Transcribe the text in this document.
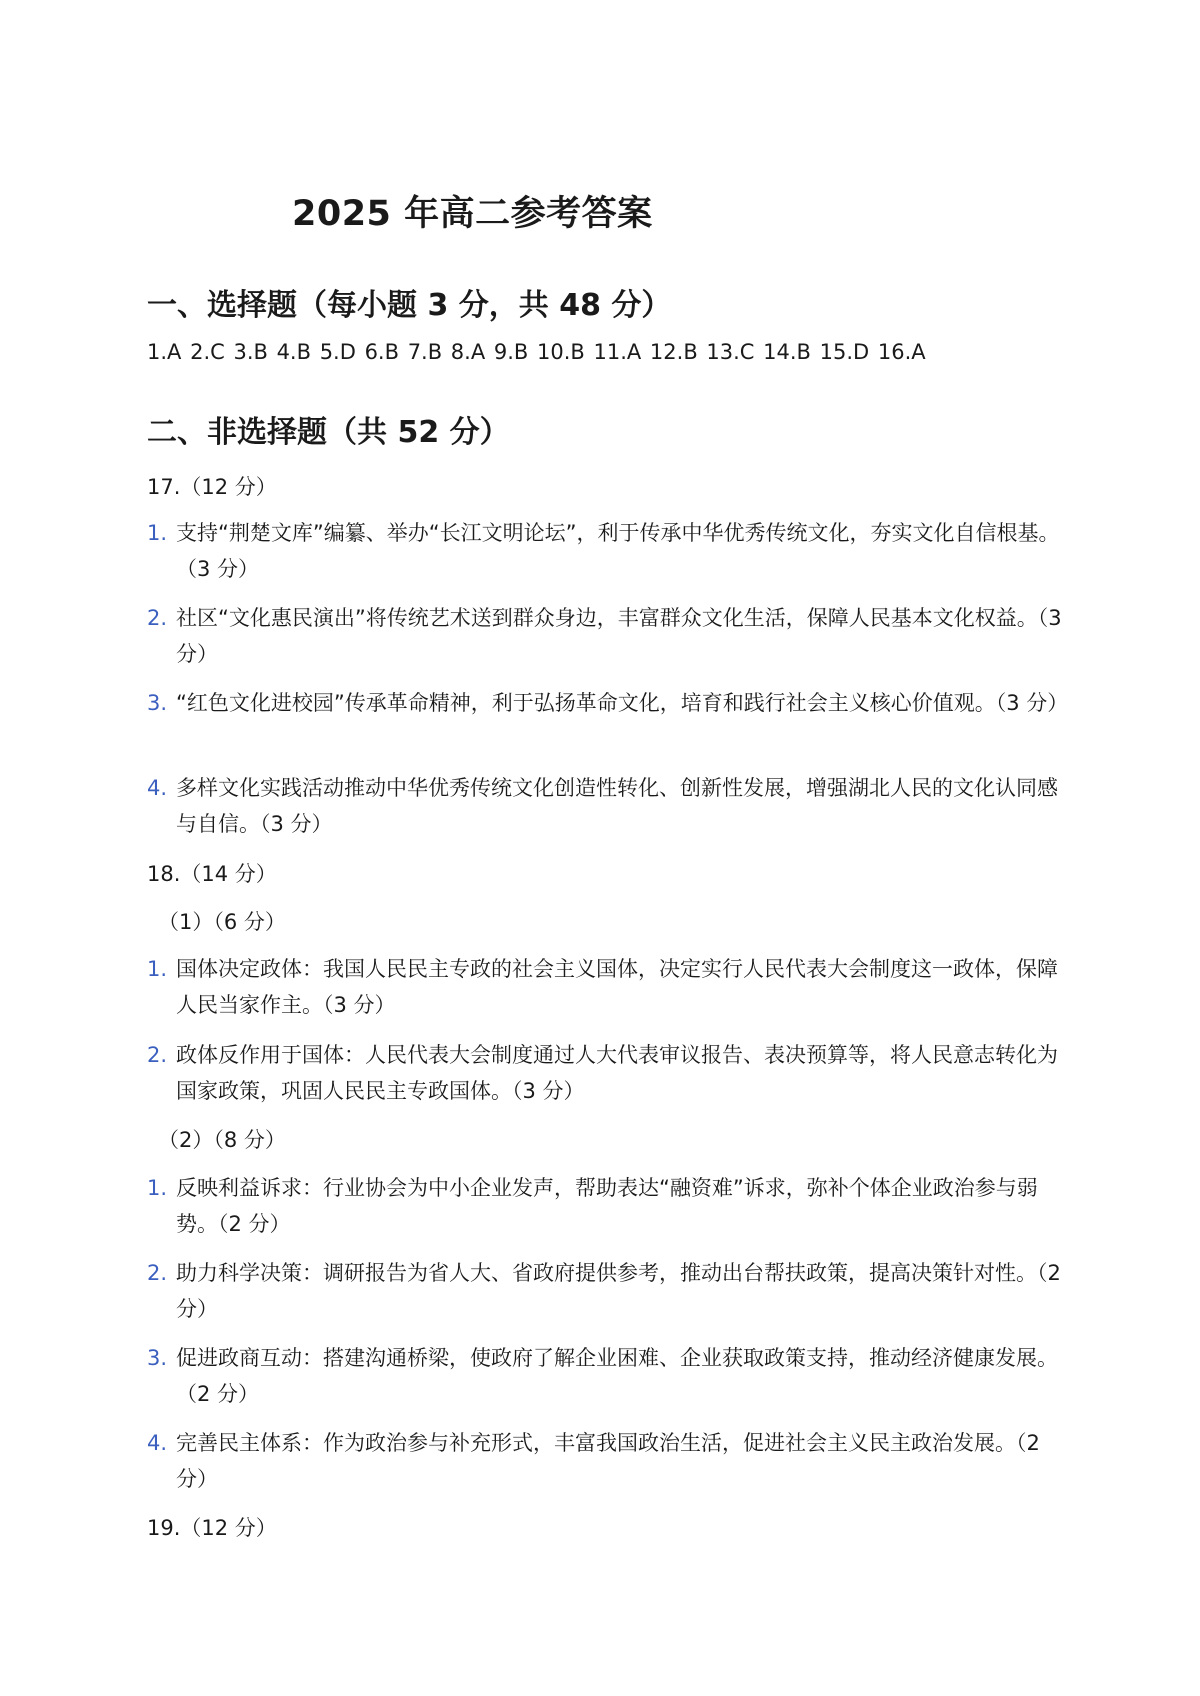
2025 年高二参考答案
一、选择题（每小题 3 分，共 48 分）
1.A 2.C 3.B 4.B 5.D 6.B 7.B 8.A 9.B 10.B 11.A 12.B 13.C 14.B 15.D 16.A
二、非选择题（共 52 分）
17.（12 分）
1. 支持“荆楚文库”编纂、举办“长江文明论坛”，利于传承中华优秀传统文化，夯实文化自信根基。（3 分）
2. 社区“文化惠民演出”将传统艺术送到群众身边，丰富群众文化生活，保障人民基本文化权益。（3 分）
3. “红色文化进校园”传承革命精神，利于弘扬革命文化，培育和践行社会主义核心价值观。（3 分）
4. 多样文化实践活动推动中华优秀传统文化创造性转化、创新性发展，增强湖北人民的文化认同感与自信。（3 分）
18.（14 分）
（1）（6 分）
1. 国体决定政体：我国人民民主专政的社会主义国体，决定实行人民代表大会制度这一政体，保障人民当家作主。（3 分）
2. 政体反作用于国体：人民代表大会制度通过人大代表审议报告、表决预算等，将人民意志转化为国家政策，巩固人民民主专政国体。（3 分）
（2）（8 分）
1. 反映利益诉求：行业协会为中小企业发声，帮助表达“融资难”诉求，弥补个体企业政治参与弱势。（2 分）
2. 助力科学决策：调研报告为省人大、省政府提供参考，推动出台帮扶政策，提高决策针对性。（2 分）
3. 促进政商互动：搭建沟通桥梁，使政府了解企业困难、企业获取政策支持，推动经济健康发展。（2 分）
4. 完善民主体系：作为政治参与补充形式，丰富我国政治生活，促进社会主义民主政治发展。（2 分）
19.（12 分）
